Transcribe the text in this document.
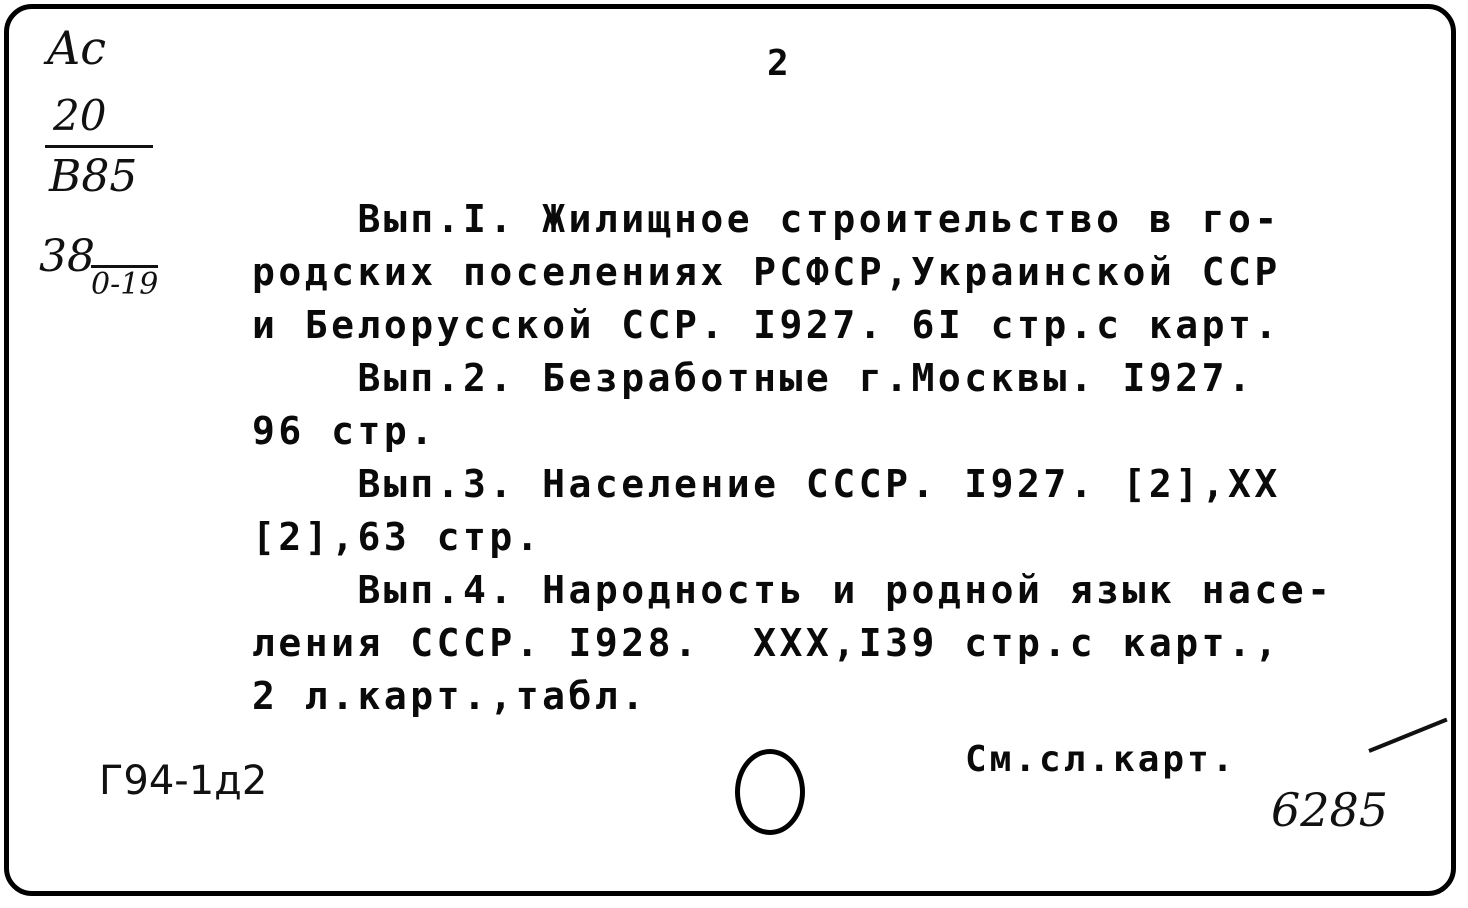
Ac
20
B85
38
0-19
2
Вып.I. Жилищное строительство в го-
родских поселениях РСФСР,Украинской ССР
и Белорусской ССР. I927. 6I стр.с карт.
Вып.2. Безработные г.Москвы. I927.
96 стр.
Вып.3. Население СССР. I927. [2],XX
[2],63 стр.
Вып.4. Народность и родной язык насе-
ления СССР. I928.  XXX,I39 стр.с карт.,
2 л.карт.,табл.
См.сл.карт.
Г94-1д2
6285
